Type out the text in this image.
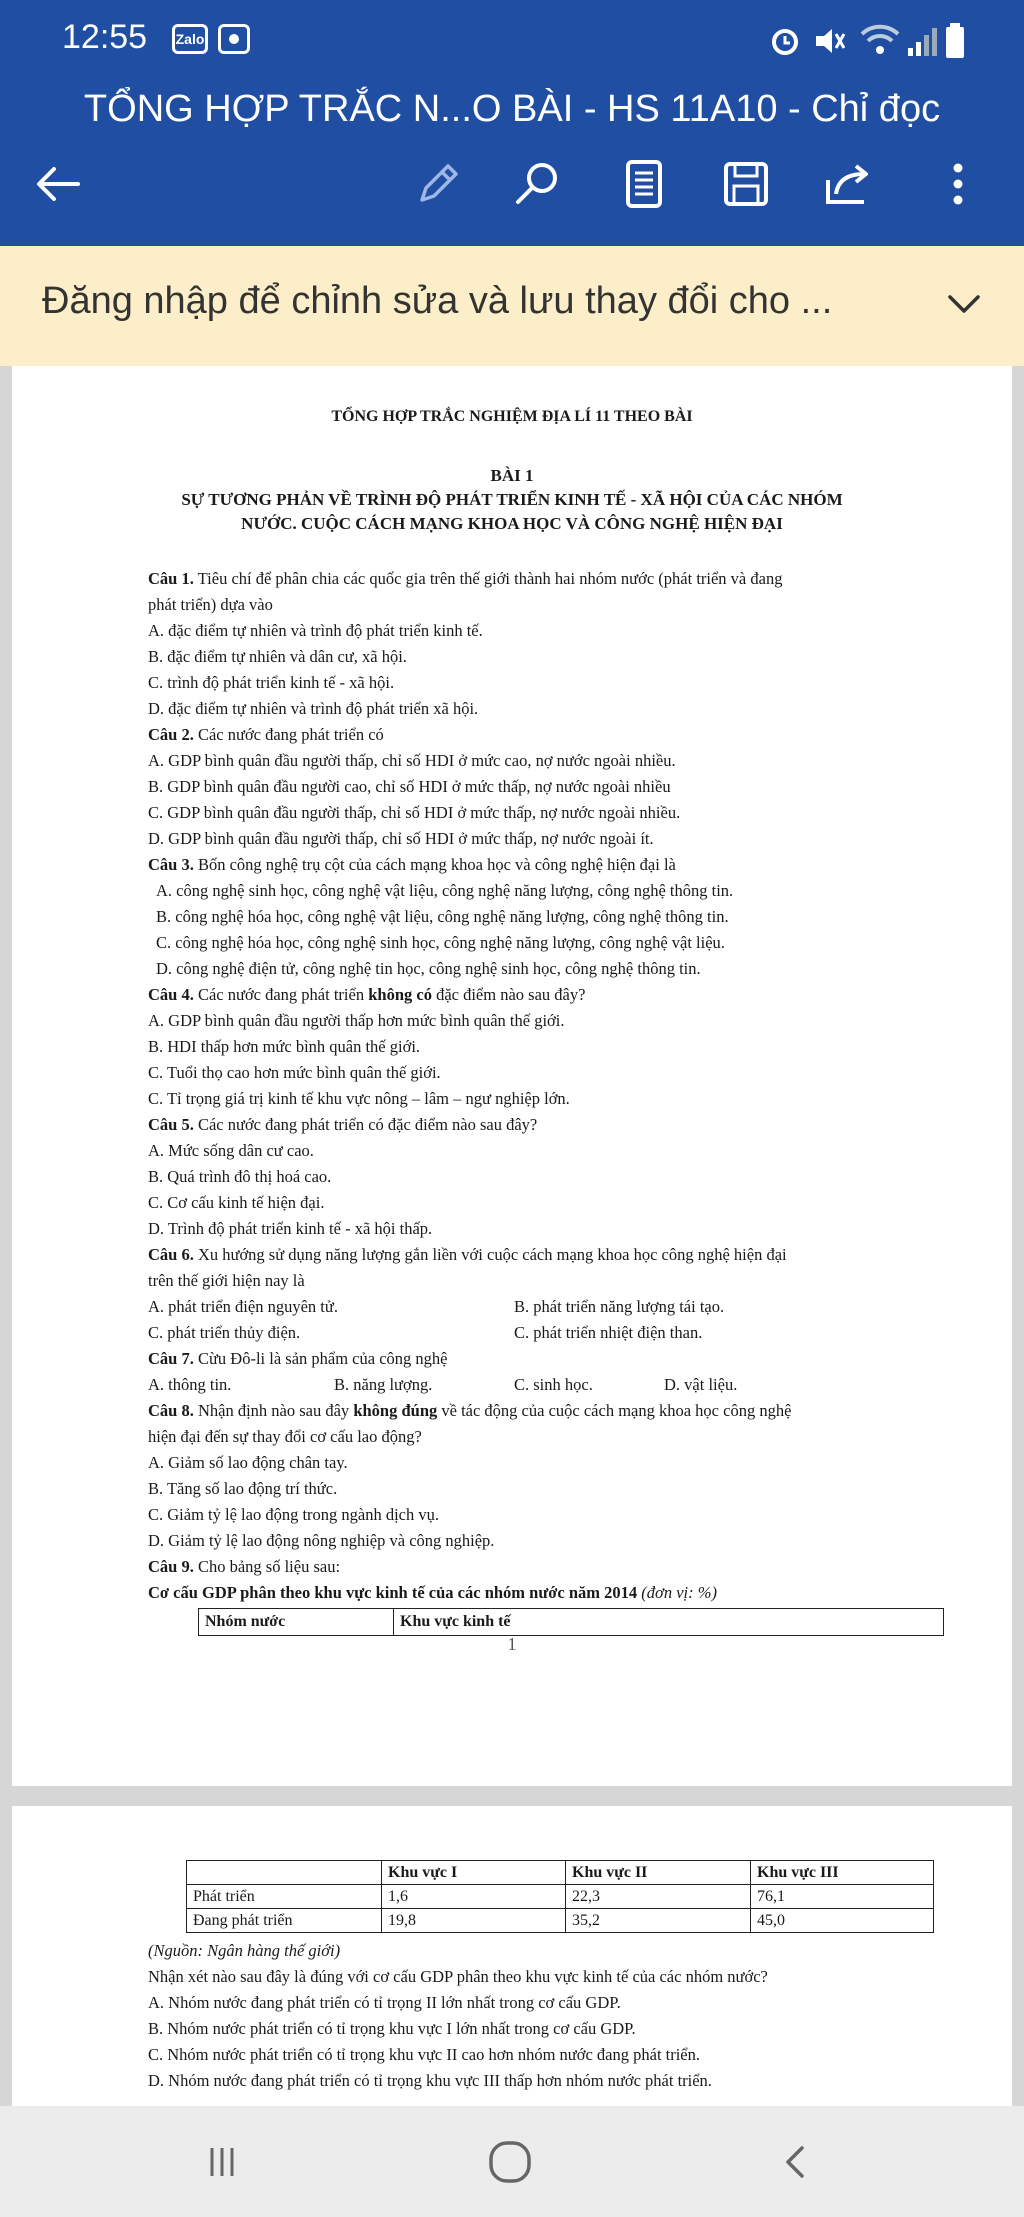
12:55 Zalo
TỔNG HỢP TRẮC N...O BÀI - HS 11A10 - Chỉ đọc
Đăng nhập để chỉnh sửa và lưu thay đổi cho ...
TỔNG HỢP TRẮC NGHIỆM ĐỊA LÍ 11 THEO BÀI
BÀI 1
SỰ TƯƠNG PHẢN VỀ TRÌNH ĐỘ PHÁT TRIỂN KINH TẾ - XÃ HỘI CỦA CÁC NHÓM
NƯỚC. CUỘC CÁCH MẠNG KHOA HỌC VÀ CÔNG NGHỆ HIỆN ĐẠI
Câu 1. Tiêu chí để phân chia các quốc gia trên thế giới thành hai nhóm nước (phát triển và đang
phát triển) dựa vào
A. đặc điểm tự nhiên và trình độ phát triển kinh tế.
B. đặc điểm tự nhiên và dân cư, xã hội.
C. trình độ phát triển kinh tế - xã hội.
D. đặc điểm tự nhiên và trình độ phát triển xã hội.
Câu 2. Các nước đang phát triển có
A. GDP bình quân đầu người thấp, chỉ số HDI ở mức cao, nợ nước ngoài nhiều.
B. GDP bình quân đầu người cao, chỉ số HDI ở mức thấp, nợ nước ngoài nhiều
C. GDP bình quân đầu người thấp, chỉ số HDI ở mức thấp, nợ nước ngoài nhiều.
D. GDP bình quân đầu người thấp, chỉ số HDI ở mức thấp, nợ nước ngoài ít.
Câu 3. Bốn công nghệ trụ cột của cách mạng khoa học và công nghệ hiện đại là
A. công nghệ sinh học, công nghệ vật liệu, công nghệ năng lượng, công nghệ thông tin.
B. công nghệ hóa học, công nghệ vật liệu, công nghệ năng lượng, công nghệ thông tin.
C. công nghệ hóa học, công nghệ sinh học, công nghệ năng lượng, công nghệ vật liệu.
D. công nghệ điện tử, công nghệ tin học, công nghệ sinh học, công nghệ thông tin.
Câu 4. Các nước đang phát triển không có đặc điểm nào sau đây?
A. GDP bình quân đầu người thấp hơn mức bình quân thế giới.
B. HDI thấp hơn mức bình quân thế giới.
C. Tuổi thọ cao hơn mức bình quân thế giới.
C. Tỉ trọng giá trị kinh tế khu vực nông – lâm – ngư nghiệp lớn.
Câu 5. Các nước đang phát triển có đặc điểm nào sau đây?
A. Mức sống dân cư cao.
B. Quá trình đô thị hoá cao.
C. Cơ cấu kinh tế hiện đại.
D. Trình độ phát triển kinh tế - xã hội thấp.
Câu 6. Xu hướng sử dụng năng lượng gắn liền với cuộc cách mạng khoa học công nghệ hiện đại
trên thế giới hiện nay là
A. phát triển điện nguyên tử.	B. phát triển năng lượng tái tạo.
C. phát triển thủy điện.	C. phát triển nhiệt điện than.
Câu 7. Cừu Đô-li là sản phẩm của công nghệ
A. thông tin.	B. năng lượng.	C. sinh học.	D. vật liệu.
Câu 8. Nhận định nào sau đây không đúng về tác động của cuộc cách mạng khoa học công nghệ
hiện đại đến sự thay đổi cơ cấu lao động?
A. Giảm số lao động chân tay.
B. Tăng số lao động trí thức.
C. Giảm tỷ lệ lao động trong ngành dịch vụ.
D. Giảm tỷ lệ lao động nông nghiệp và công nghiệp.
Câu 9. Cho bảng số liệu sau:
Cơ cấu GDP phân theo khu vực kinh tế của các nhóm nước năm 2014 (đơn vị: %)
Nhóm nước	Khu vực kinh tế
1
	Khu vực I	Khu vực II	Khu vực III
Phát triển	1,6	22,3	76,1
Đang phát triển	19,8	35,2	45,0
(Nguồn: Ngân hàng thế giới)
Nhận xét nào sau đây là đúng với cơ cấu GDP phân theo khu vực kinh tế của các nhóm nước?
A. Nhóm nước đang phát triển có tỉ trọng II lớn nhất trong cơ cấu GDP.
B. Nhóm nước phát triển có tỉ trọng khu vực I lớn nhất trong cơ cấu GDP.
C. Nhóm nước phát triển có tỉ trọng khu vực II cao hơn nhóm nước đang phát triển.
D. Nhóm nước đang phát triển có tỉ trọng khu vực III thấp hơn nhóm nước phát triển.
